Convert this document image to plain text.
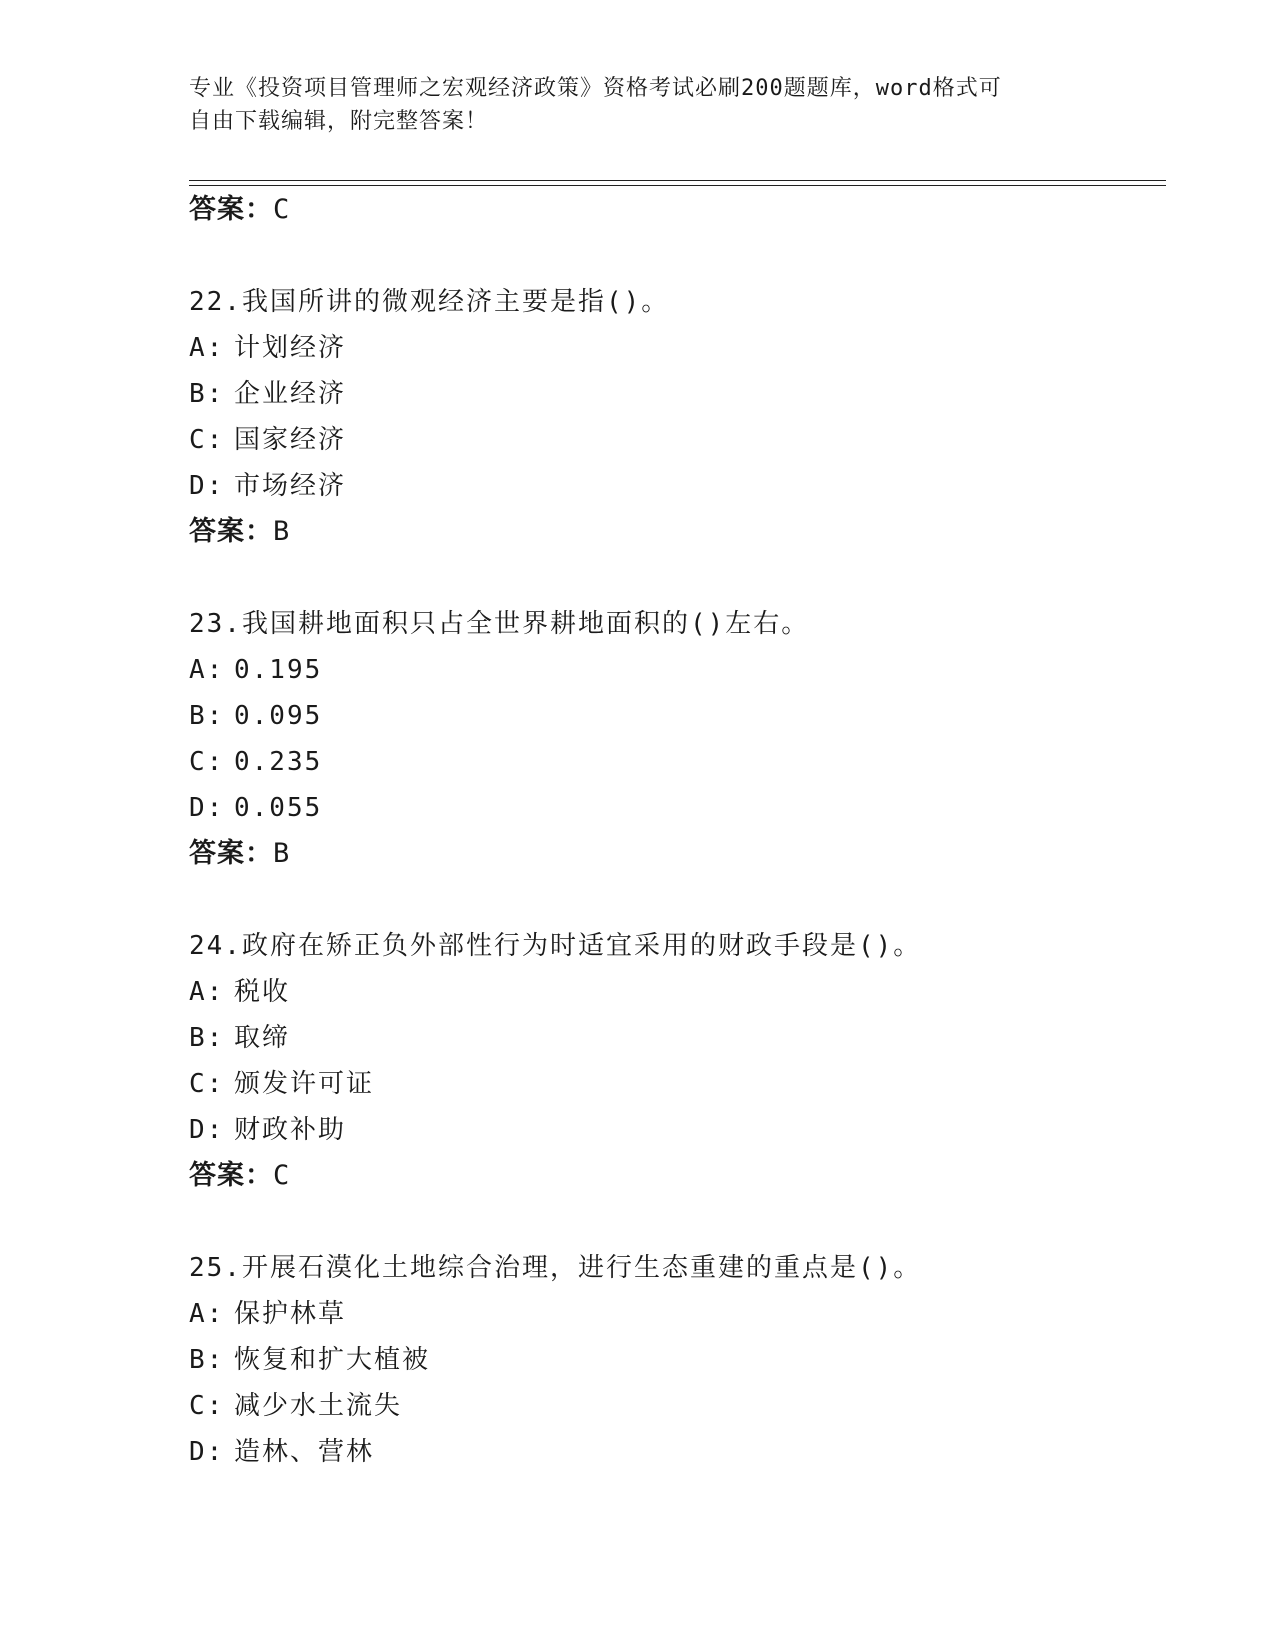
专业《投资项目管理师之宏观经济政策》资格考试必刷200题题库，word格式可
自由下载编辑，附完整答案！
答案：C
22.我国所讲的微观经济主要是指()。
A: 计划经济
B: 企业经济
C: 国家经济
D: 市场经济
答案：B
23.我国耕地面积只占全世界耕地面积的()左右。
A: 0.195
B: 0.095
C: 0.235
D: 0.055
答案：B
24.政府在矫正负外部性行为时适宜采用的财政手段是()。
A: 税收
B: 取缔
C: 颁发许可证
D: 财政补助
答案：C
25.开展石漠化土地综合治理，进行生态重建的重点是()。
A: 保护林草
B: 恢复和扩大植被
C: 减少水土流失
D: 造林、营林
